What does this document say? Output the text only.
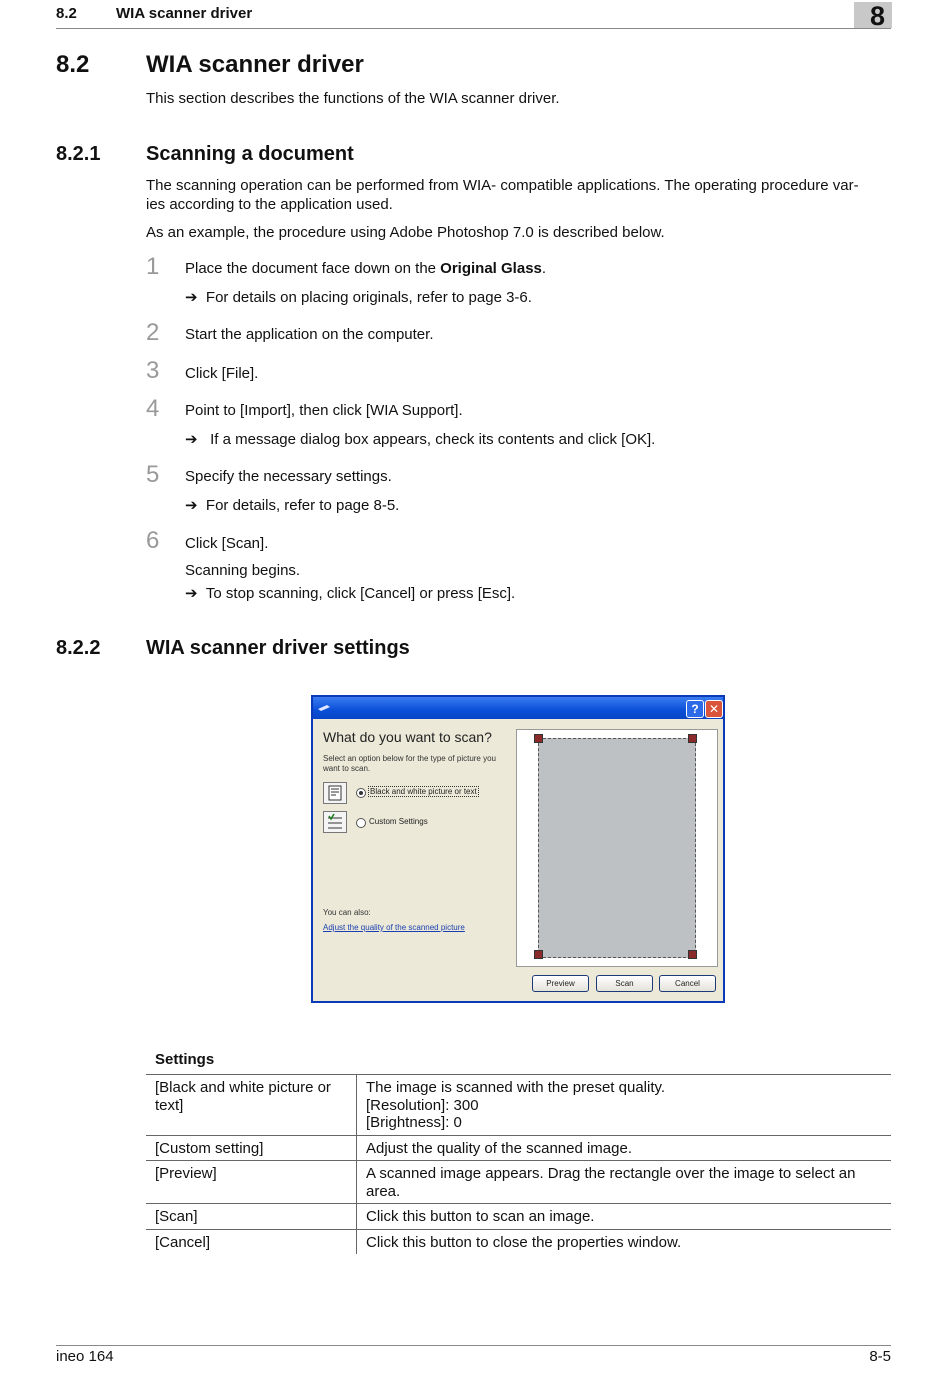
8.2	WIA scanner driver	8
8.2 WIA scanner driver
This section describes the functions of the WIA scanner driver.
8.2.1 Scanning a document
The scanning operation can be performed from WIA- compatible applications. The operating procedure var-
ies according to the application used.
As an example, the procedure using Adobe Photoshop 7.0 is described below.
1 Place the document face down on the Original Glass.
➔ For details on placing originals, refer to page 3-6.
2 Start the application on the computer.
3 Click [File].
4 Point to [Import], then click [WIA Support].
➔ If a message dialog box appears, check its contents and click [OK].
5 Specify the necessary settings.
➔ For details, refer to page 8-5.
6 Click [Scan].
Scanning begins.
➔ To stop scanning, click [Cancel] or press [Esc].
8.2.2 WIA scanner driver settings
? ✕
What do you want to scan?
Select an option below for the type of picture you want to scan.
Black and white picture or text
Custom Settings
You can also:
Adjust the quality of the scanned picture
Preview	Scan	Cancel
Settings
[Black and white picture or
text]	The image is scanned with the preset quality.
[Resolution]: 300
[Brightness]: 0
[Custom setting]	Adjust the quality of the scanned image.
[Preview]	A scanned image appears. Drag the rectangle over the image to select an
area.
[Scan]	Click this button to scan an image.
[Cancel]	Click this button to close the properties window.
ineo 164	8-5
